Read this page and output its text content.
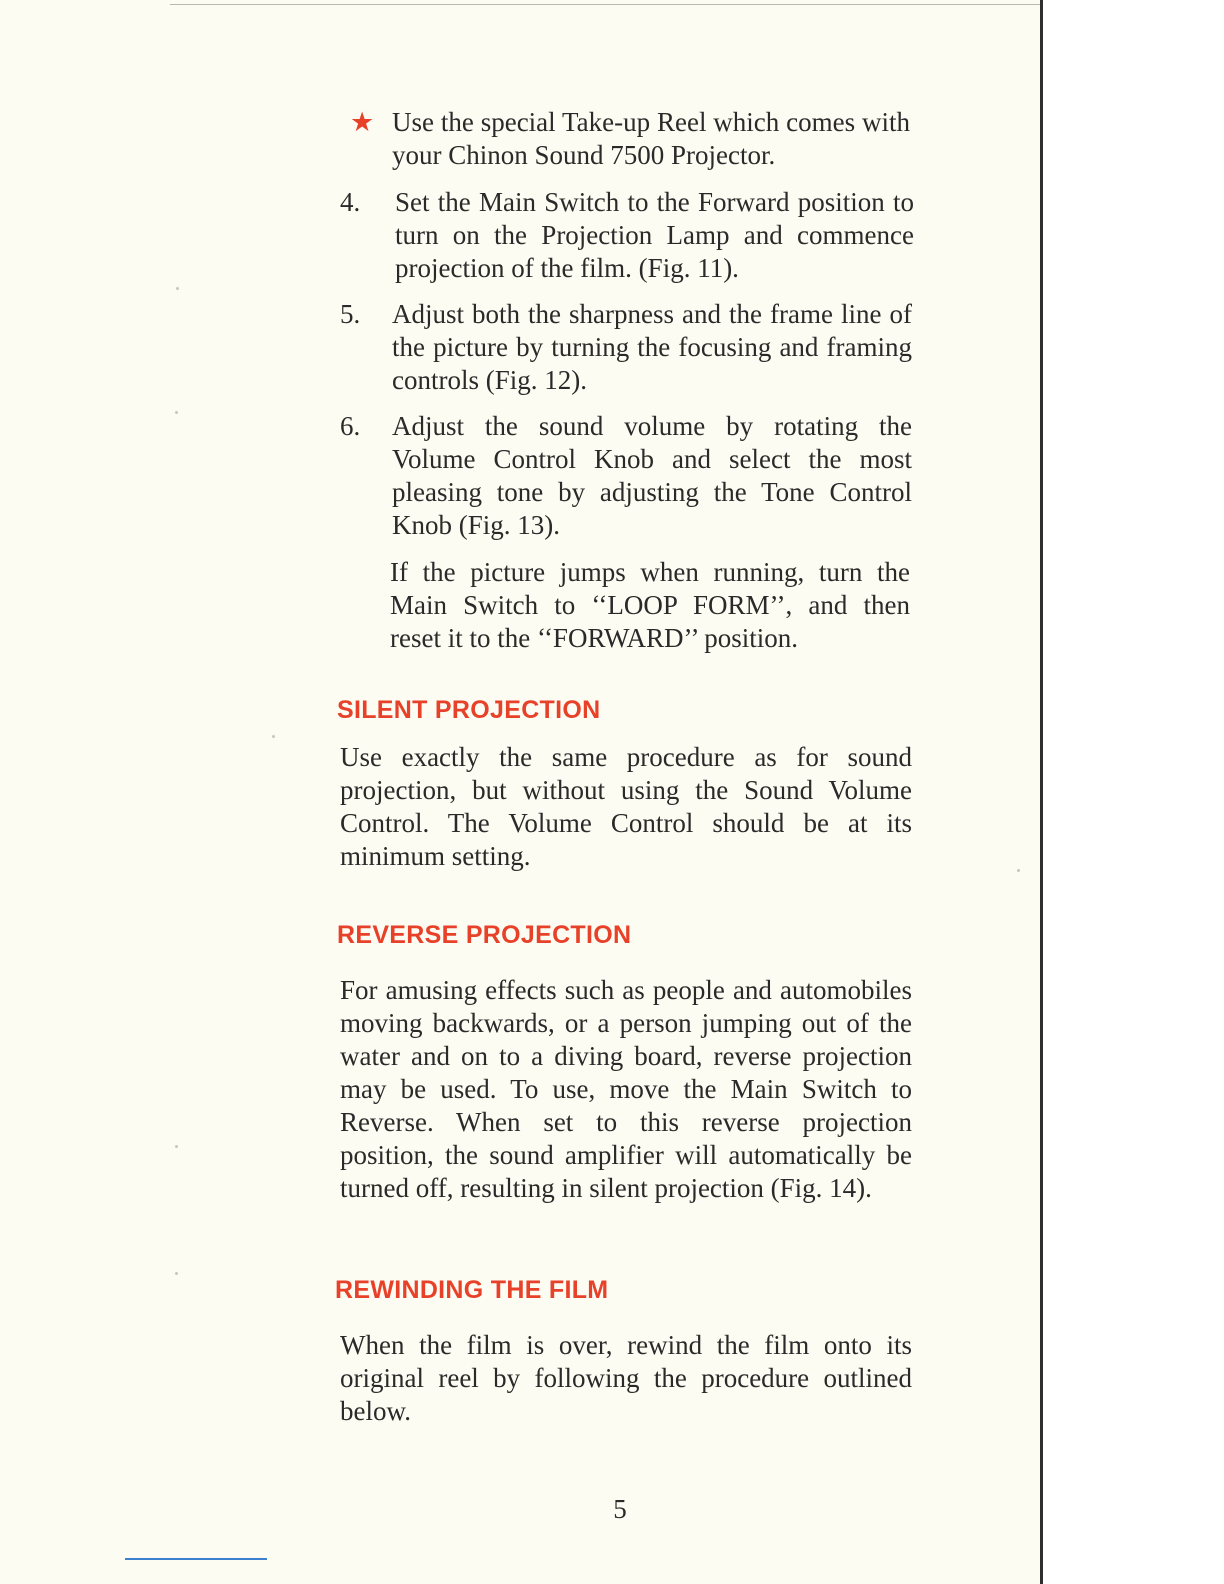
★ Use the special Take-up Reel which comes with your Chinon Sound 7500 Projector.
4. Set the Main Switch to the Forward position to turn on the Projection Lamp and commence projection of the film. (Fig. 11).
5. Adjust both the sharpness and the frame line of the picture by turning the focusing and framing controls (Fig. 12).
6. Adjust the sound volume by rotating the Volume Control Knob and select the most pleasing tone by adjusting the Tone Control Knob (Fig. 13).
If the picture jumps when running, turn the Main Switch to ‘‘LOOP FORM’’, and then reset it to the ‘‘FORWARD’’ position.
SILENT PROJECTION
Use exactly the same procedure as for sound projection, but without using the Sound Volume Control. The Volume Control should be at its minimum setting.
REVERSE PROJECTION
For amusing effects such as people and automobiles moving backwards, or a person jumping out of the water and on to a diving board, reverse projection may be used. To use, move the Main Switch to Reverse. When set to this reverse projection position, the sound amplifier will automatically be turned off, resulting in silent projection (Fig. 14).
REWINDING THE FILM
When the film is over, rewind the film onto its original reel by following the procedure outlined below.
5
